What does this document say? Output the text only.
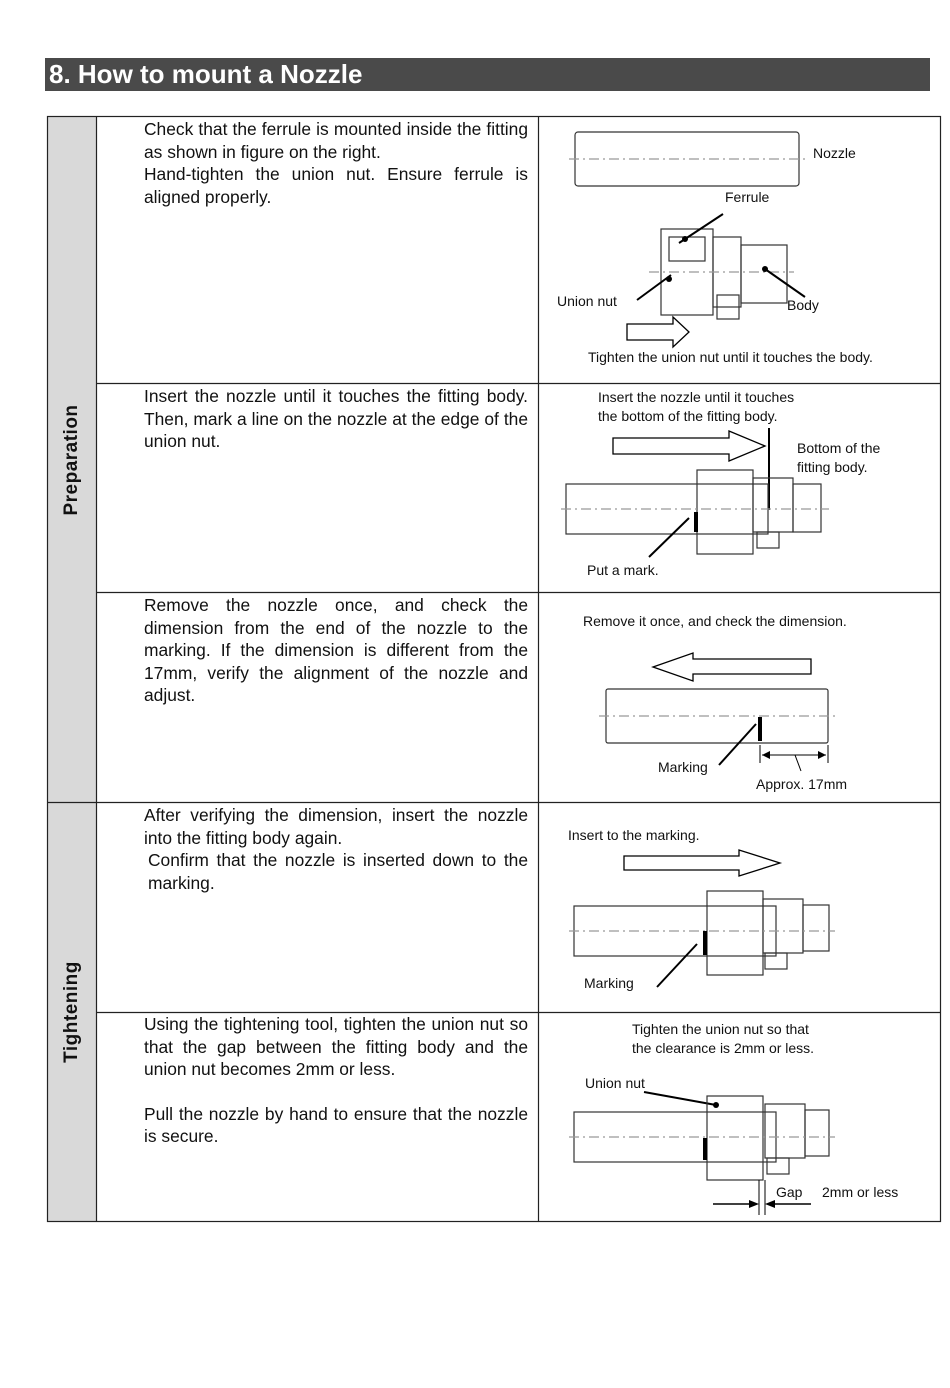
8. How to mount a Nozzle
Preparation
Tightening

Check that the ferrule is mounted inside the fitting as shown in figure on the right.

Hand-tighten the union nut. Ensure ferrule is aligned properly.

Nozzle
Ferrule
Union nut	Body
Tighten the union nut until it touches the body.

Insert the nozzle until it touches the fitting body. Then, mark a line on the nozzle at the edge of the union nut.

Insert the nozzle until it touches
the bottom of the fitting body.
Bottom of the
fitting body.
Put a mark.

Remove the nozzle once, and check the dimension from the end of the nozzle to the marking. If the dimension is different from the 17mm, verify the alignment of the nozzle and adjust.

Remove it once, and check the dimension.
Marking
Approx. 17mm

After verifying the dimension, insert the nozzle into the fitting body again.

Confirm that the nozzle is inserted down to the marking.

Insert to the marking.
Marking

Using the tightening tool, tighten the union nut so that the gap between the fitting body and the union nut becomes 2mm or less.

Pull the nozzle by hand to ensure that the nozzle is secure.

Tighten the union nut so that
the clearance is 2mm or less.
Union nut
Gap 2mm or less
